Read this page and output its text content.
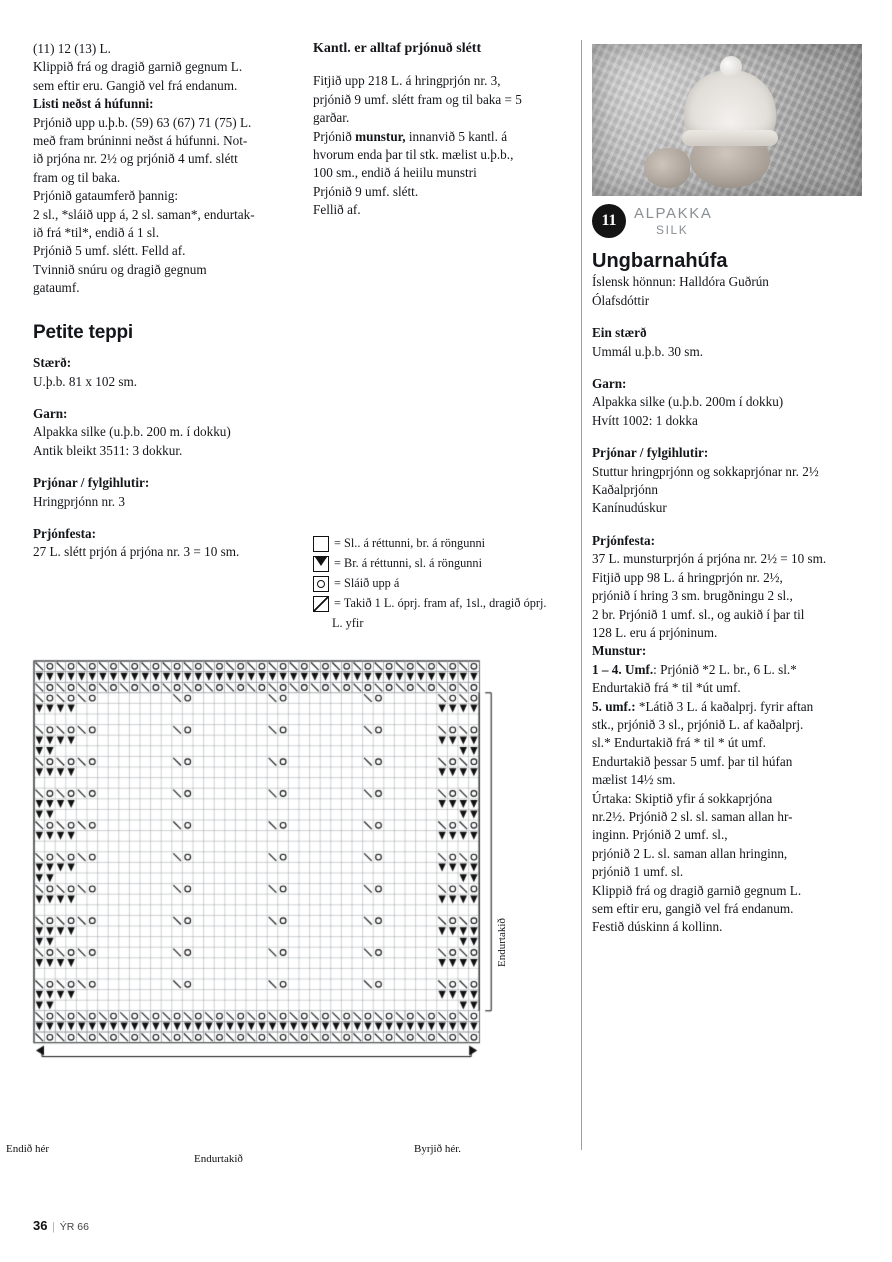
(11) 12 (13) L.

Klippið frá og dragið garnið gegnum L.

sem eftir eru. Gangið vel frá endanum.

Listi neðst á húfunni:

Prjónið upp u.þ.b. (59) 63 (67) 71 (75) L.

með fram brúninni neðst á húfunni. Not-

ið prjóna nr. 2½ og prjónið 4 umf. slétt

fram og til baka.

Prjónið gataumferð þannig:

2 sl., *sláið upp á, 2 sl. saman*, endurtak-

ið frá *til*, endið á 1 sl.

Prjónið 5 umf. slétt. Felld af.

Tvinnið snúru og dragið gegnum

gataumf.

Petite teppi

Stærð:

U.þ.b. 81 x 102 sm.

Garn:

Alpakka silke (u.þ.b. 200 m. í dokku)

Antik bleikt 3511: 3 dokkur.

Prjónar / fylgihlutir:

Hringprjónn nr. 3

Prjónfesta:

27 L. slétt prjón á prjóna nr. 3 = 10 sm.

Kantl. er alltaf prjónuð slétt

Fitjið upp 218 L. á hringprjón nr. 3,

prjónið 9 umf. slétt fram og til baka = 5

garðar.

Prjónið munstur, innanvið 5 kantl. á

hvorum enda þar til stk. mælist u.þ.b.,

100 sm., endið á heiilu munstri

Prjónið 9 umf. slétt.

Fellið af.

= Sl.. á réttunni, br. á röngunni
= Br. á réttunni, sl. á röngunni
= Sláið upp á
= Takið 1 L. óprj. fram af, 1sl., dragið óprj.
L. yfir
11	ALPAKKA
SILK
Ungbarnahúfa

Íslensk hönnun: Halldóra Guðrún

Ólafsdóttir

Ein stærð

Ummál u.þ.b. 30 sm.

Garn:

Alpakka silke (u.þ.b. 200m í dokku)

Hvítt 1002: 1 dokka

Prjónar / fylgihlutir:

Stuttur hringprjónn og sokkaprjónar nr. 2½

Kaðalprjónn

Kanínudúskur

Prjónfesta:

37 L. munsturprjón á prjóna nr. 2½ = 10 sm.

Fitjið upp 98 L. á hringprjón nr. 2½,

prjónið í hring 3 sm. brugðningu 2 sl.,

2 br. Prjónið 1 umf. sl., og aukið í þar til

128 L. eru á prjóninum.

Munstur:

1 – 4. Umf.: Prjónið *2 L. br., 6 L. sl.*

Endurtakið frá * til *út umf.

5. umf.: *Látið 3 L. á kaðalprj. fyrir aftan

stk., prjónið 3 sl., prjónið L. af kaðalprj.

sl.* Endurtakið frá * til * út umf.

Endurtakið þessar 5 umf. þar til húfan

mælist 14½ sm.

Úrtaka: Skiptið yfir á sokkaprjóna

nr.2½. Prjónið 2 sl. sl. saman allan hr-

inginn. Prjónið 2 umf. sl.,

prjónið 2 L. sl. saman allan hringinn,

prjónið 1 umf. sl.

Klippið frá og dragið garnið gegnum L.

sem eftir eru, gangið vel frá endanum.

Festið dúskinn á kollinn.

Endið hér
Endurtakið
Byrjið hér.
Endurtakið
36 | ÝR 66
